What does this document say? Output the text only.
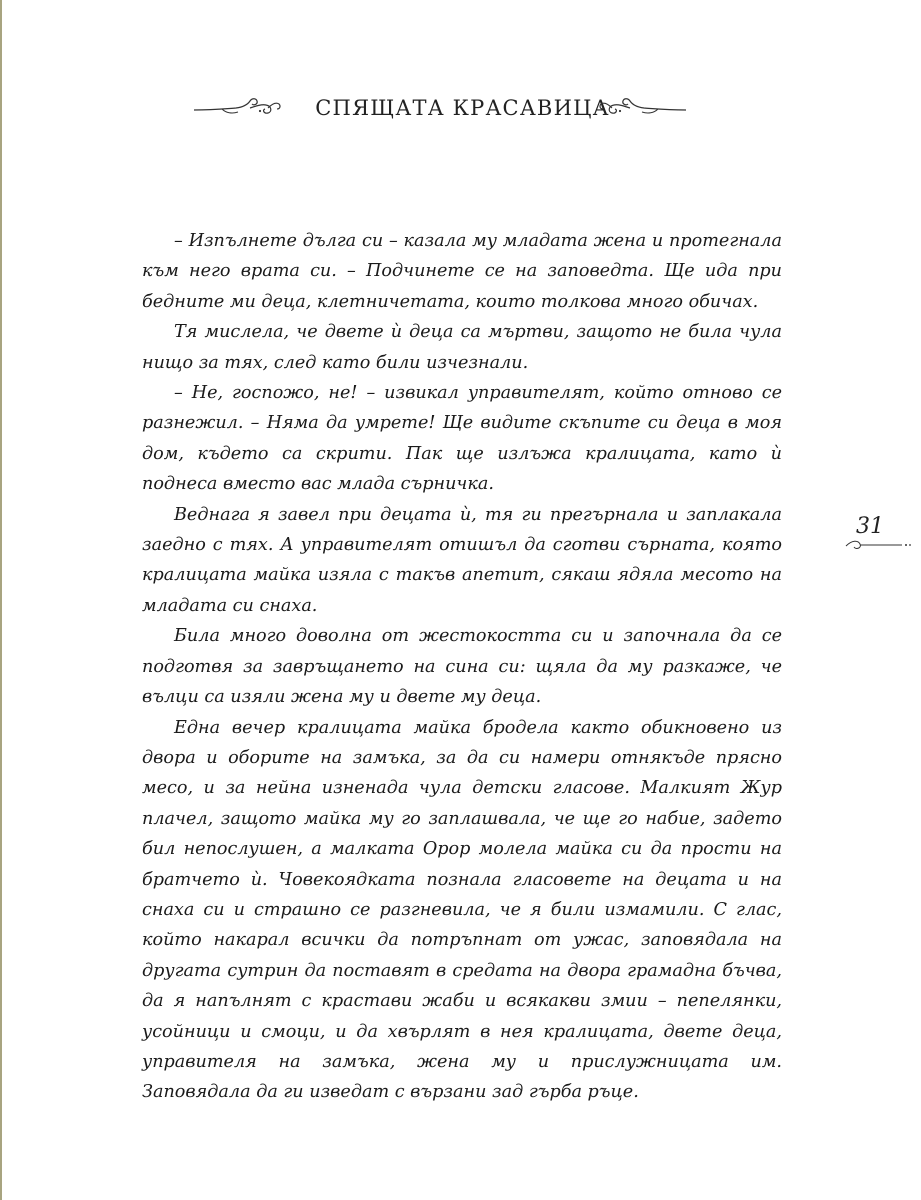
СПЯЩАТА КРАСАВИЦА

– Изпълнете дълга си – казала му младата жена и протегнала към него врата си. – Подчинете се на заповедта. Ще ида при бедните ми деца, клетничетата, които толкова много обичах.

Тя мислела, че двете ѝ деца са мъртви, защото не била чула нищо за тях, след като били изчезнали.

– Не, госпожо, не! – извикал управителят, който отново се разнежил. – Няма да умрете! Ще видите скъпите си деца в моя дом, където са скрити. Пак ще излъжа кралицата, като ѝ поднеса вместо вас млада сърничка.

Веднага я завел при децата ѝ, тя ги прегърнала и заплакала заедно с тях. А управителят отишъл да сготви сърната, която кралицата майка изяла с такъв апетит, сякаш ядяла месото на младата си снаха.

Била много доволна от жестокостта си и започнала да се подготвя за завръщането на сина си: щяла да му разкаже, че вълци са изяли жена му и двете му деца.

Една вечер кралицата майка бродела както обикновено из двора и оборите на замъка, за да си намери отнякъде прясно месо, и за нейна изненада чула детски гласове. Малкият Жур плачел, защото майка му го заплашвала, че ще го набие, задето бил непослушен, а малката Орор молела майка си да прости на братчето ѝ. Човекоядката познала гласовете на децата и на снаха си и страшно се разгневила, че я били измамили. С глас, който накарал всички да потръпнат от ужас, заповядала на другата сутрин да поставят в средата на двора грамадна бъчва, да я напълнят с крастави жаби и всякакви змии – пепелянки, усойници и смоци, и да хвърлят в нея кралицата, двете деца, управителя на замъка, жена му и прислужницата им. Заповядала да ги изведат с вързани зад гърба ръце.

31
